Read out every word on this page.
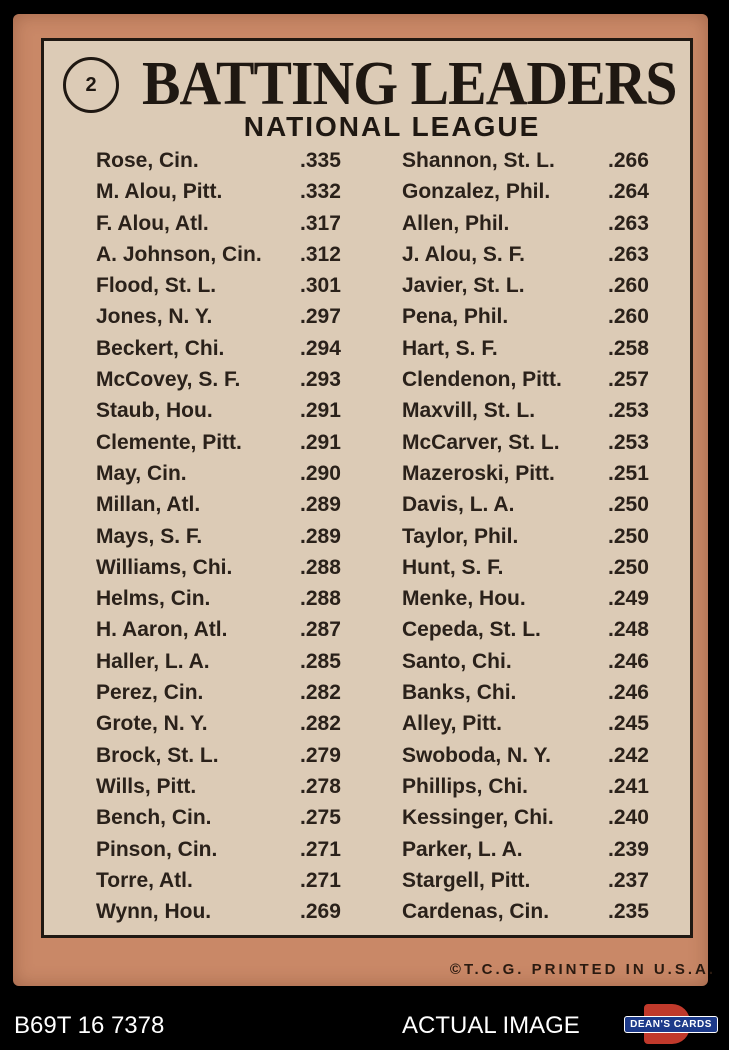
2 BATTING LEADERS
NATIONAL LEAGUE
Rose, Cin.	.335
M. Alou, Pitt.	.332
F. Alou, Atl.	.317
A. Johnson, Cin. .312
Flood, St. L.	.301
Jones, N. Y.	.297
Beckert, Chi.	.294
McCovey, S. F.	.293
Staub, Hou.	.291
Clemente, Pitt.	.291
May, Cin.	.290
Millan, Atl.	.289
Mays, S. F.	.289
Williams, Chi.	.288
Helms, Cin.	.288
H. Aaron, Atl.	.287
Haller, L. A.	.285
Perez, Cin.	.282
Grote, N. Y.	.282
Brock, St. L.	.279
Wills, Pitt.	.278
Bench, Cin.	.275
Pinson, Cin.	.271
Torre, Atl.	.271
Wynn, Hou.	.269
Shannon, St. L.	.266
Gonzalez, Phil.	.264
Allen, Phil.	.263
J. Alou, S. F.	.263
Javier, St. L.	.260
Pena, Phil.	.260
Hart, S. F.	.258
Clendenon, Pitt. .257
Maxvill, St. L.	.253
McCarver, St. L. .253
Mazeroski, Pitt.	.251
Davis, L. A.	.250
Taylor, Phil.	.250
Hunt, S. F.	.250
Menke, Hou.	.249
Cepeda, St. L.	.248
Santo, Chi.	.246
Banks, Chi.	.246
Alley, Pitt.	.245
Swoboda, N. Y.	.242
Phillips, Chi.	.241
Kessinger, Chi.	.240
Parker, L. A.	.239
Stargell, Pitt.	.237
Cardenas, Cin.	.235
©T.C.G. PRINTED IN U.S.A.
B69T 16 7378	ACTUAL IMAGE	DEAN'S CARDS
